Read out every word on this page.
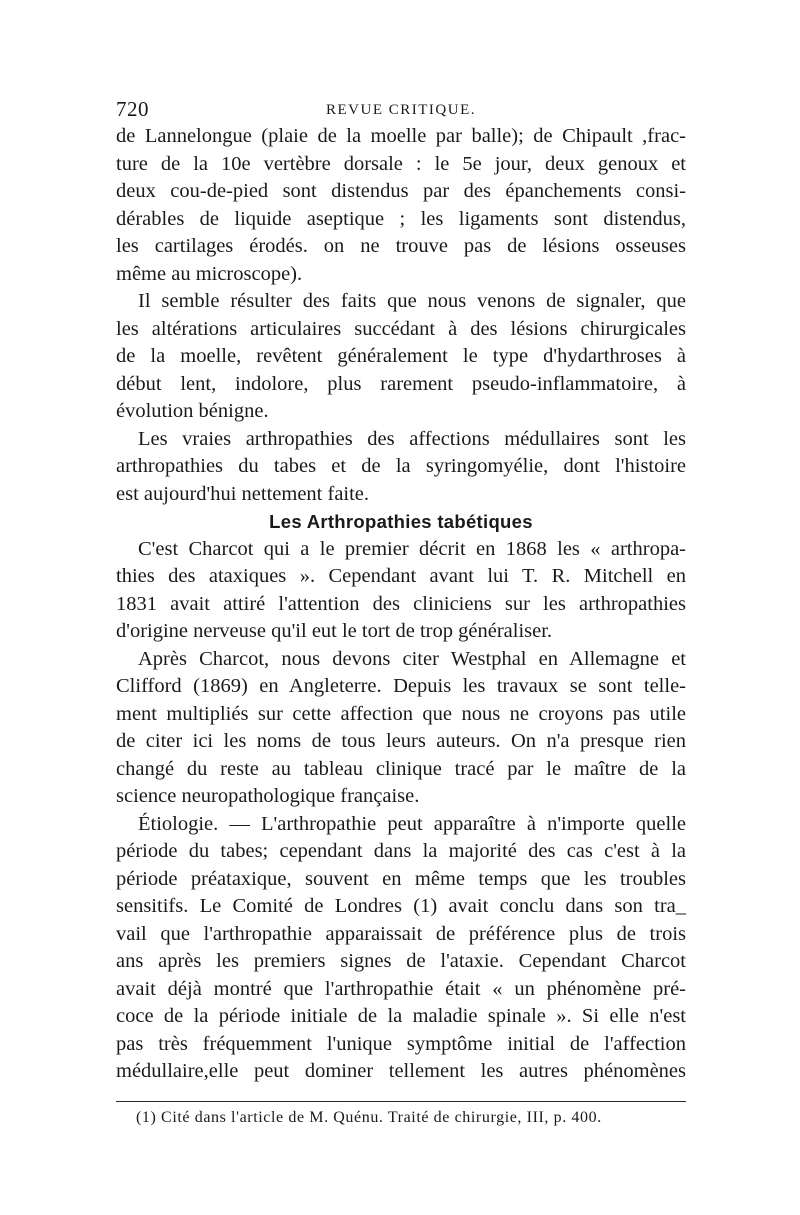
720	REVUE CRITIQUE.
de Lannelongue (plaie de la moelle par balle); de Chipault ,frac-
ture de la 10e vertèbre dorsale : le 5e jour, deux genoux et
deux cou-de-pied sont distendus par des épanchements consi-
dérables de liquide aseptique ; les ligaments sont distendus,
les cartilages érodés. on ne trouve pas de lésions osseuses
même au microscope).
Il semble résulter des faits que nous venons de signaler, que
les altérations articulaires succédant à des lésions chirurgicales
de la moelle, revêtent généralement le type d'hydarthroses à
début lent, indolore, plus rarement pseudo-inflammatoire, à
évolution bénigne.
Les vraies arthropathies des affections médullaires sont les
arthropathies du tabes et de la syringomyélie, dont l'histoire
est aujourd'hui nettement faite.
Les Arthropathies tabétiques
C'est Charcot qui a le premier décrit en 1868 les « arthropa-
thies des ataxiques ». Cependant avant lui T. R. Mitchell en
1831 avait attiré l'attention des cliniciens sur les arthropathies
d'origine nerveuse qu'il eut le tort de trop généraliser.
Après Charcot, nous devons citer Westphal en Allemagne et
Clifford (1869) en Angleterre. Depuis les travaux se sont telle-
ment multipliés sur cette affection que nous ne croyons pas utile
de citer ici les noms de tous leurs auteurs. On n'a presque rien
changé du reste au tableau clinique tracé par le maître de la
science neuropathologique française.
Étiologie. — L'arthropathie peut apparaître à n'importe quelle
période du tabes; cependant dans la majorité des cas c'est à la
période préataxique, souvent en même temps que les troubles
sensitifs. Le Comité de Londres (1) avait conclu dans son tra_
vail que l'arthropathie apparaissait de préférence plus de trois
ans après les premiers signes de l'ataxie. Cependant Charcot
avait déjà montré que l'arthropathie était « un phénomène pré-
coce de la période initiale de la maladie spinale ». Si elle n'est
pas très fréquemment l'unique symptôme initial de l'affection
médullaire,elle peut dominer tellement les autres phénomènes
(1) Cité dans l'article de M. Quénu. Traité de chirurgie, III, p. 400.
